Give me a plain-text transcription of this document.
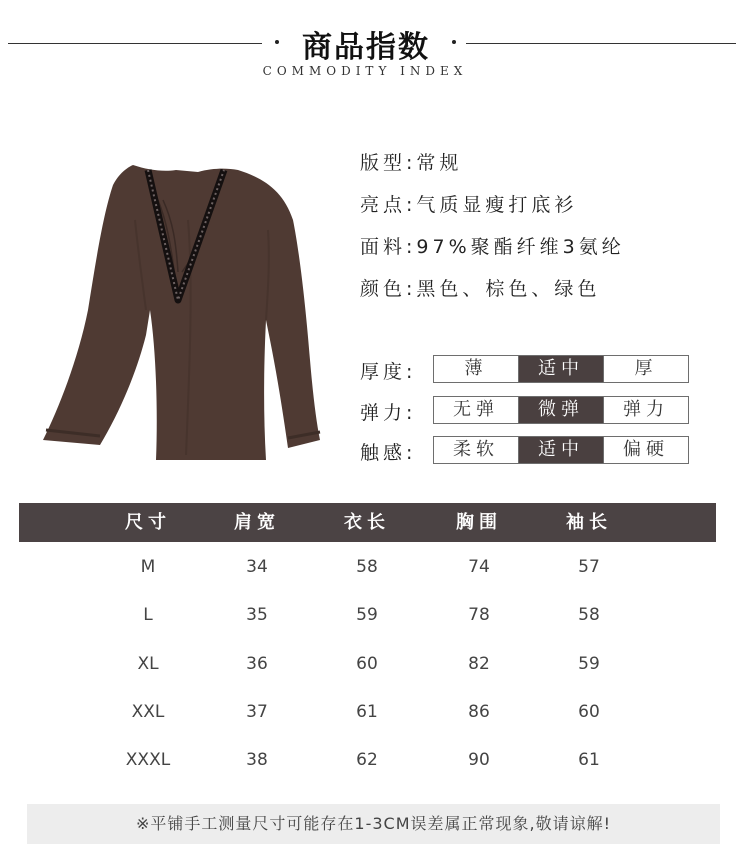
商品指数
COMMODITY INDEX
版型:常规
亮点:气质显瘦打底衫
面料:97%聚酯纤维3氨纶
颜色:黑色、棕色、绿色
厚度:	薄	适中	厚
弹力:	无弹	微弹	弹力
触感:	柔软	适中	偏硬
尺寸	肩宽	衣长	胸围	袖长
M	34	58	74	57
L	35	59	78	58
XL	36	60	82	59
XXL	37	61	86	60
XXXL	38	62	90	61
※平铺手工测量尺寸可能存在1-3CM误差属正常现象,敬请谅解!
